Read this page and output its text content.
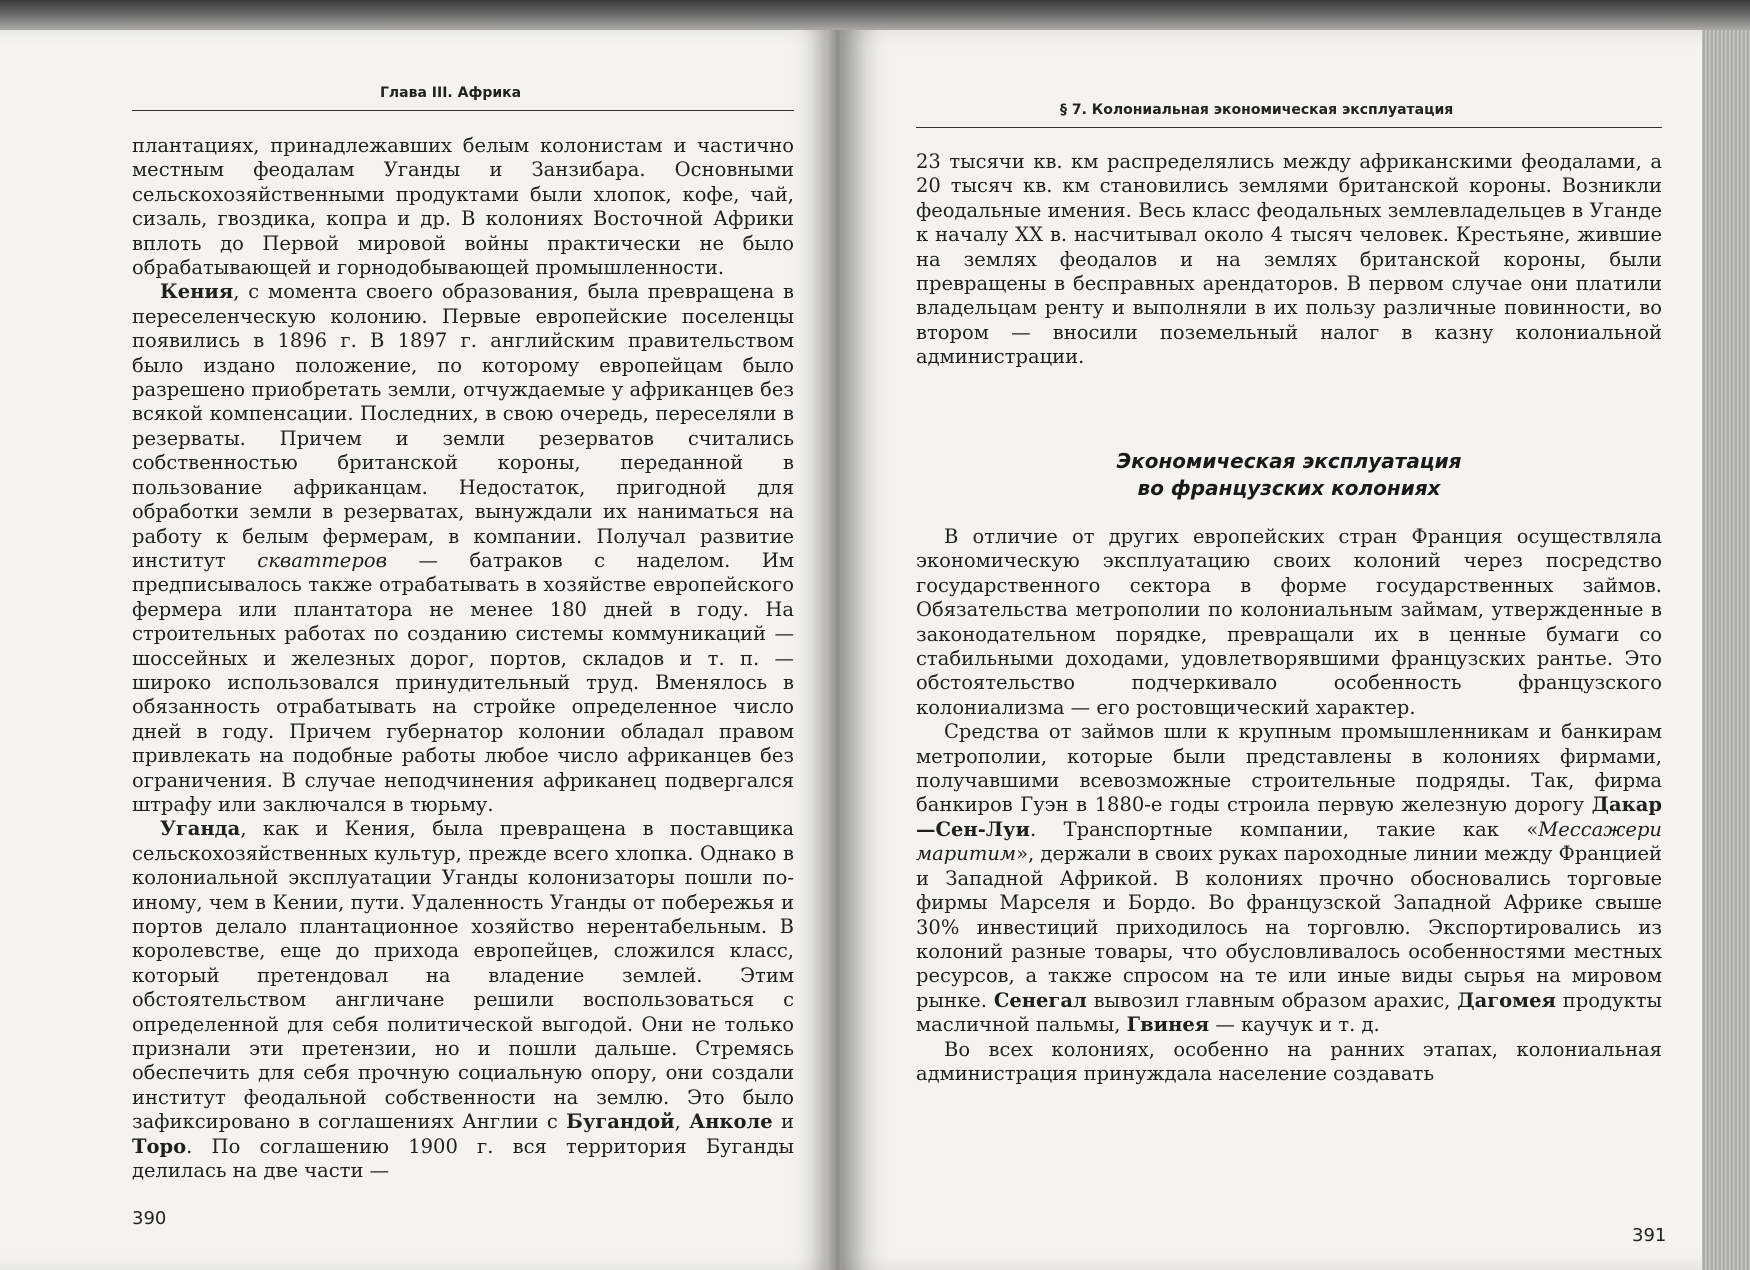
Глава III. Африка

плантациях, принадлежавших белым колонистам и частично местным феодалам Уганды и Занзибара. Основными сельскохозяйственными продуктами были хлопок, кофе, чай, сизаль, гвоздика, копра и др. В колониях Восточной Африки вплоть до Первой мировой войны практически не было обрабатывающей и горнодобывающей промышленности.

Кения, с момента своего образования, была превращена в переселенческую колонию. Первые европейские поселенцы появились в 1896 г. В 1897 г. английским правительством было издано положение, по которому европейцам было разрешено приобретать земли, отчуждаемые у африканцев без всякой компенсации. Последних, в свою очередь, переселяли в резерваты. Причем и земли резерватов считались собственностью британской короны, переданной в пользование африканцам. Недостаток, пригодной для обработки земли в резерватах, вынуждали их наниматься на работу к белым фермерам, в компании. Получал развитие институт скваттеров — батраков с наделом. Им предписывалось также отрабатывать в хозяйстве европейского фермера или плантатора не менее 180 дней в году. На строительных работах по созданию системы коммуникаций — шоссейных и железных дорог, портов, складов и т. п. — широко использовался принудительный труд. Вменялось в обязанность отрабатывать на стройке определенное число дней в году. Причем губернатор колонии обладал правом привлекать на подобные работы любое число африканцев без ограничения. В случае неподчинения африканец подвергался штрафу или заключался в тюрьму.

Уганда, как и Кения, была превращена в поставщика сельскохозяйственных культур, прежде всего хлопка. Однако в колониальной эксплуатации Уганды колонизаторы пошли по-иному, чем в Кении, пути. Удаленность Уганды от побережья и портов делало плантационное хозяйство нерентабельным. В королевстве, еще до прихода европейцев, сложился класс, который претендовал на владение землей. Этим обстоятельством англичане решили воспользоваться с определенной для себя политической выгодой. Они не только признали эти претензии, но и пошли дальше. Стремясь обеспечить для себя прочную социальную опору, они создали институт феодальной собственности на землю. Это было зафиксировано в соглашениях Англии с Бугандой, Анколе и Торо. По соглашению 1900 г. вся территория Буганды делилась на две части —

390
§ 7. Колониальная экономическая эксплуатация

23 тысячи кв. км распределялись между африканскими феодалами, а 20 тысяч кв. км становились землями британской короны. Возникли феодальные имения. Весь класс феодальных землевладельцев в Уганде к началу XX в. насчитывал около 4 тысяч человек. Крестьяне, жившие на землях феодалов и на землях британской короны, были превращены в бесправных арендаторов. В первом случае они платили владельцам ренту и выполняли в их пользу различные повинности, во втором — вносили поземельный налог в казну колониальной администрации.

Экономическая эксплуатация
во французских колониях

В отличие от других европейских стран Франция осуществляла экономическую эксплуатацию своих колоний через посредство государственного сектора в форме государственных займов. Обязательства метрополии по колониальным займам, утвержденные в законодательном порядке, превращали их в ценные бумаги со стабильными доходами, удовлетворявшими французских рантье. Это обстоятельство подчеркивало особенность французского колониализма — его ростовщический характер.

Средства от займов шли к крупным промышленникам и банкирам метрополии, которые были представлены в колониях фирмами, получавшими всевозможные строительные подряды. Так, фирма банкиров Гуэн в 1880-е годы строила первую железную дорогу Дакар—Сен-Луи. Транспортные компании, такие как «Мессажери маритим», держали в своих руках пароходные линии между Францией и Западной Африкой. В колониях прочно обосновались торговые фирмы Марселя и Бордо. Во французской Западной Африке свыше 30% инвестиций приходилось на торговлю. Экспортировались из колоний разные товары, что обусловливалось особенностями местных ресурсов, а также спросом на те или иные виды сырья на мировом рынке. Сенегал вывозил главным образом арахис, Дагомея продукты масличной пальмы, Гвинея — каучук и т. д.

Во всех колониях, особенно на ранних этапах, колониальная администрация принуждала население создавать

391
